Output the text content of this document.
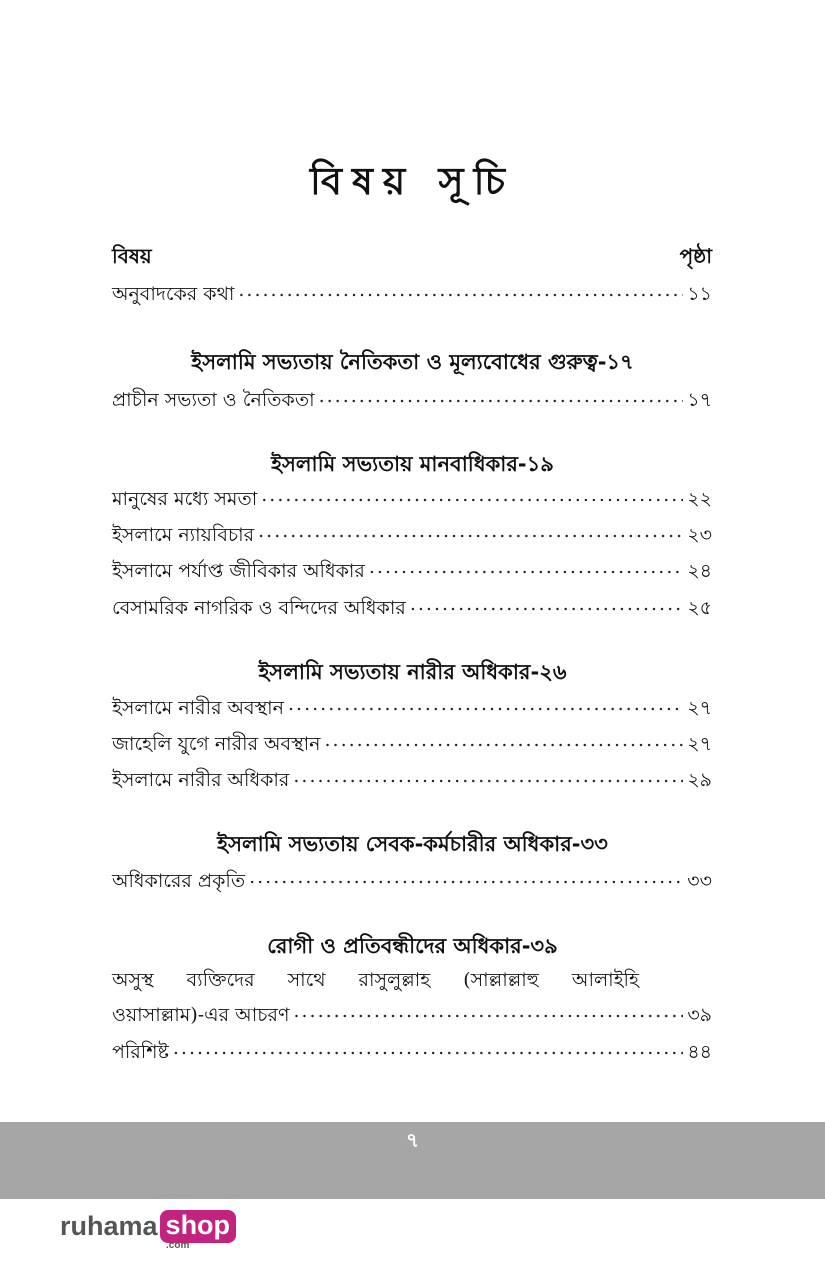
বিষয় সূচি
বিষয়	পৃষ্ঠা
অনুবাদকের কথা .....	১১
ইসলামি সভ্যতায় নৈতিকতা ও মূল্যবোধের গুরুত্ব-১৭
প্রাচীন সভ্যতা ও নৈতিকতা .....	১৭
ইসলামি সভ্যতায় মানবাধিকার-১৯
মানুষের মধ্যে সমতা .....	২২
ইসলামে ন্যায়বিচার .....	২৩
ইসলামে পর্যাপ্ত জীবিকার অধিকার .....	২৪
বেসামরিক নাগরিক ও বন্দিদের অধিকার .....	২৫
ইসলামি সভ্যতায় নারীর অধিকার-২৬
ইসলামে নারীর অবস্থান .....	২৭
জাহেলি যুগে নারীর অবস্থান .....	২৭
ইসলামে নারীর অধিকার .....	২৯
ইসলামি সভ্যতায় সেবক-কর্মচারীর অধিকার-৩৩
অধিকারের প্রকৃতি .....	৩৩
রোগী ও প্রতিবন্ধীদের অধিকার-৩৯
অসুস্থ ব্যক্তিদের সাথে রাসুলুল্লাহ (সাল্লাল্লাহু আলাইহি
ওয়াসাল্লাম)-এর আচরণ .....	৩৯
পরিশিষ্ট .....	৪৪
৭
ruhama shop
.com
